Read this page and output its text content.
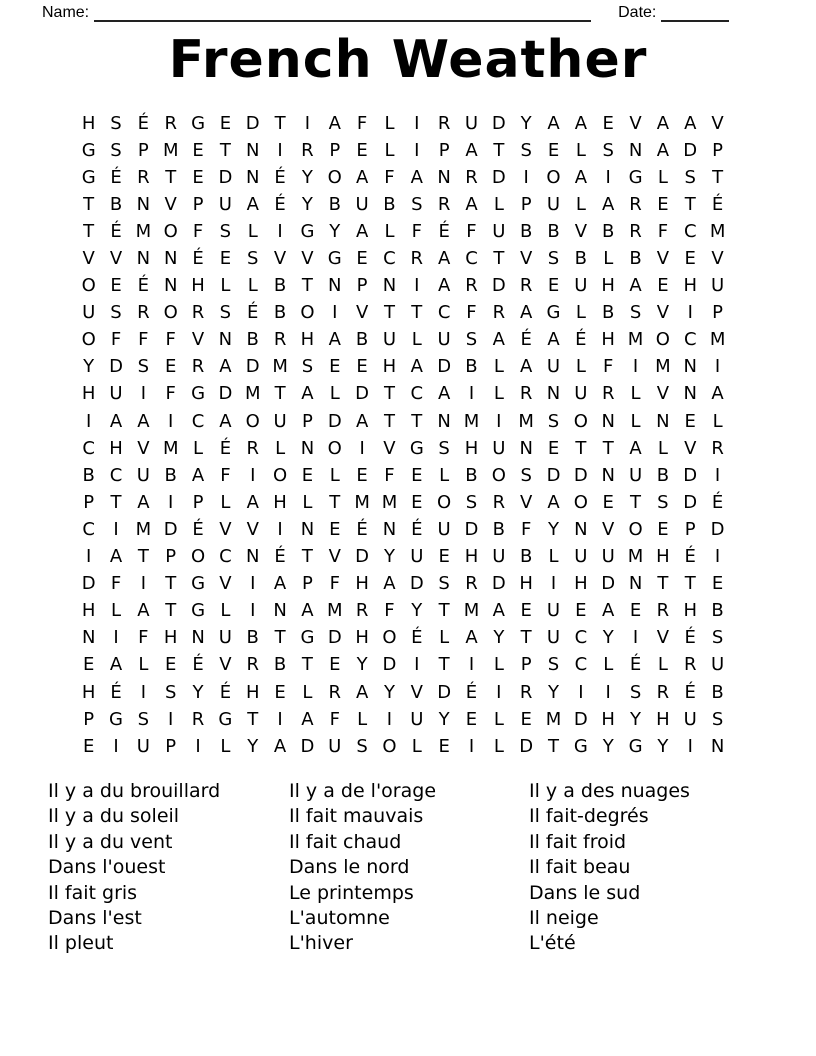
Name:	Date:
French Weather
H S É R G E D T	I	A F L	I	R U D Y A A E V A A V
G S P M E T N I	R P E L	I	P A T S E L S N A D P
G É R T E D N É Y O A F A N R D I O A	I G L S T
T B N V P U A É Y B U B S R A L P U L A R E T É
T É M O F S L	I G Y A L F É F U B B V B R F C M
V V N N É E S V V G E C R A C T V S B L B V E V
O E É N H L L B T N P N I	A R D R E U H A E H U
U S R O R S É B O I	V T T C F R A G L B S V	I	P
O F F F V N B R H A B U L U S A É A É H M O C M
Y D S E R A D M S E E H A D B L A U L F	I M N I
H U	I	F G D M T A L D T C A	I	L R N U R L V N A
I	A A	I	C A O U P D A T T N M I M S O N L N E L
C H V M L É R L N O I	V G S H U N E T T A L V R
B C U B A F	I O E L E F E L B O S D D N U B D I
P T A	I	P L A H L T M M E O S R V A O E T S D É
C	I M D É V V	I N E É N É U D B F Y N V O E P D
I	A T P O C N É T V D Y U E H U B L U U M H É	I
D F	I	T G V	I	A P F H A D S R D H I H D N T T E
H L A T G L	I N A M R F Y T M A E U E A E R H B
N I	F H N U B T G D H O É L A Y T U C Y	I	V É S
E A L E É V R B T E Y D I	T	I	L P S C L É L R U
H É	I	S Y É H E L R A Y V D É	I	R Y	I	I	S R É B
P G S	I	R G T	I	A F L	I	U Y E L E M D H Y H U S
E	I	U P	I	L Y A D U S O L E	I	L D T G Y G Y	I N
Il y a du brouillard
Il y a du soleil
Il y a du vent
Dans l'ouest
Il fait gris
Dans l'est
Il pleut
Il y a de l'orage
Il fait mauvais
Il fait chaud
Dans le nord
Le printemps
L'automne
L'hiver
Il y a des nuages
Il fait-degrés
Il fait froid
Il fait beau
Dans le sud
Il neige
L'été
